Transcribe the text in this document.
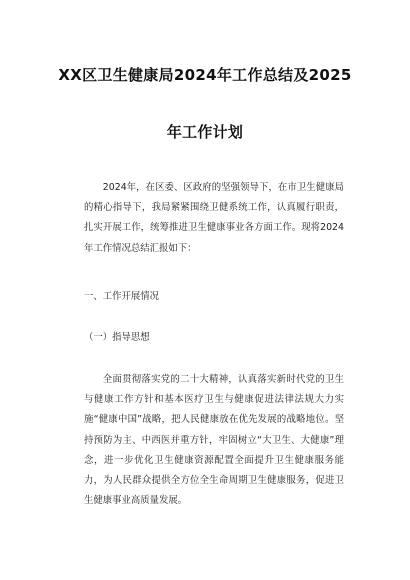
XX区卫生健康局2024年工作总结及2025
年工作计划

2024年，在区委、区政府的坚强领导下，在市卫生健康局的精心指导下，我局紧紧围绕卫健系统工作，认真履行职责，扎实开展工作，统筹推进卫生健康事业各方面工作。现将2024年工作情况总结汇报如下：

一、工作开展情况
（一）指导思想

全面贯彻落实党的二十大精神，认真落实新时代党的卫生与健康工作方针和基本医疗卫生与健康促进法律法规大力实施“健康中国”战略，把人民健康放在优先发展的战略地位。坚持预防为主、中西医并重方针，牢固树立“大卫生、大健康”理念，进一步优化卫生健康资源配置全面提升卫生健康服务能力，为人民群众提供全方位全生命周期卫生健康服务，促进卫生健康事业高质量发展。
